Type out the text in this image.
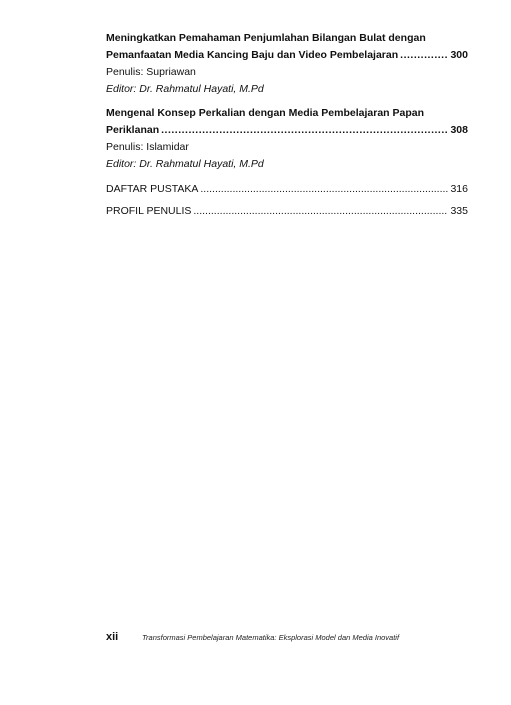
Meningkatkan Pemahaman Penjumlahan Bilangan Bulat dengan
Pemanfaatan Media Kancing Baju dan Video Pembelajaran .....	300
Penulis: Supriawan
Editor: Dr. Rahmatul Hayati, M.Pd
Mengenal Konsep Perkalian dengan Media Pembelajaran Papan
Periklanan .....	308
Penulis: Islamidar
Editor: Dr. Rahmatul Hayati, M.Pd
DAFTAR PUSTAKA .....	316
PROFIL PENULIS .....	335
xii	Transformasi Pembelajaran Matematika: Eksplorasi Model dan Media Inovatif
